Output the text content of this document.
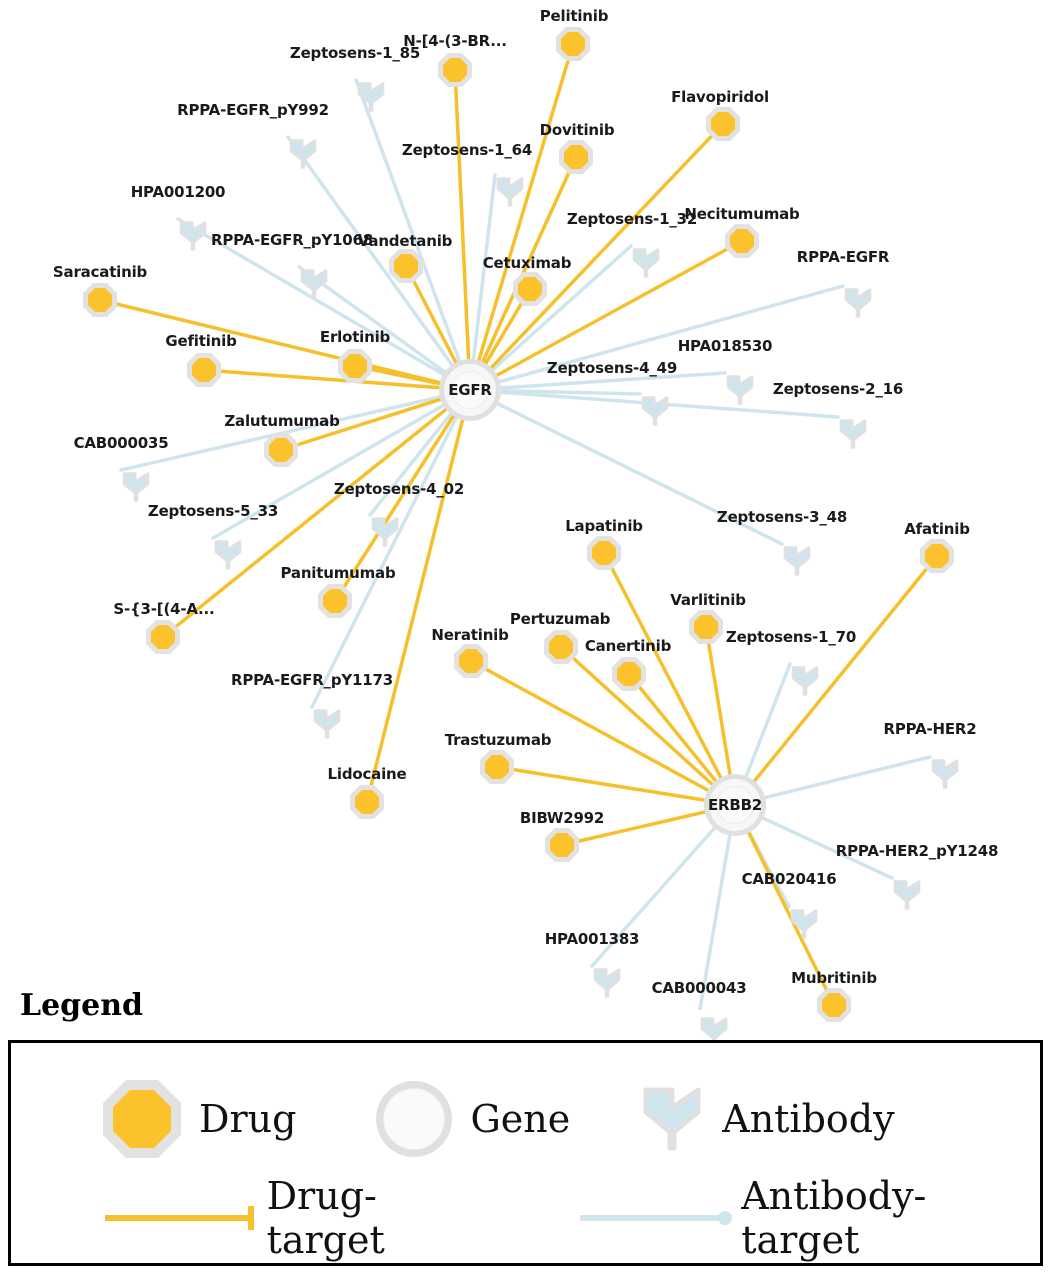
Zeptosens-1_85
RPPA-EGFR_pY992
Zeptosens-1_64
HPA001200
Zeptosens-1_32
RPPA-EGFR_pY1068
RPPA-EGFR
HPA018530
Zeptosens-4_49
Zeptosens-2_16
CAB000035
Zeptosens-4_02
Zeptosens-5_33	Zeptosens-3_48
Zeptosens-1_70
RPPA-EGFR_pY1173
RPPA-HER2
RPPA-HER2_pY1248
CAB020416
HPA001383
CAB000043
Pelitinib
N-[4-(3-BR...
Flavopiridol
Dovitinib
Necitumumab
Vandetanib
Cetuximab
Saracatinib
Gefitinib	Erlotinib
Zalutumumab
Afatinib
Lapatinib
Varlitinib
Panitumumab
S-{3-[(4-A...
Pertuzumab
Neratinib
Canertinib
Trastuzumab
Lidocaine
BIBW2992
Mubritinib
EGFR
ERBB2
Legend
Drug	Gene	Antibody
Drug-target
Antibody-target
